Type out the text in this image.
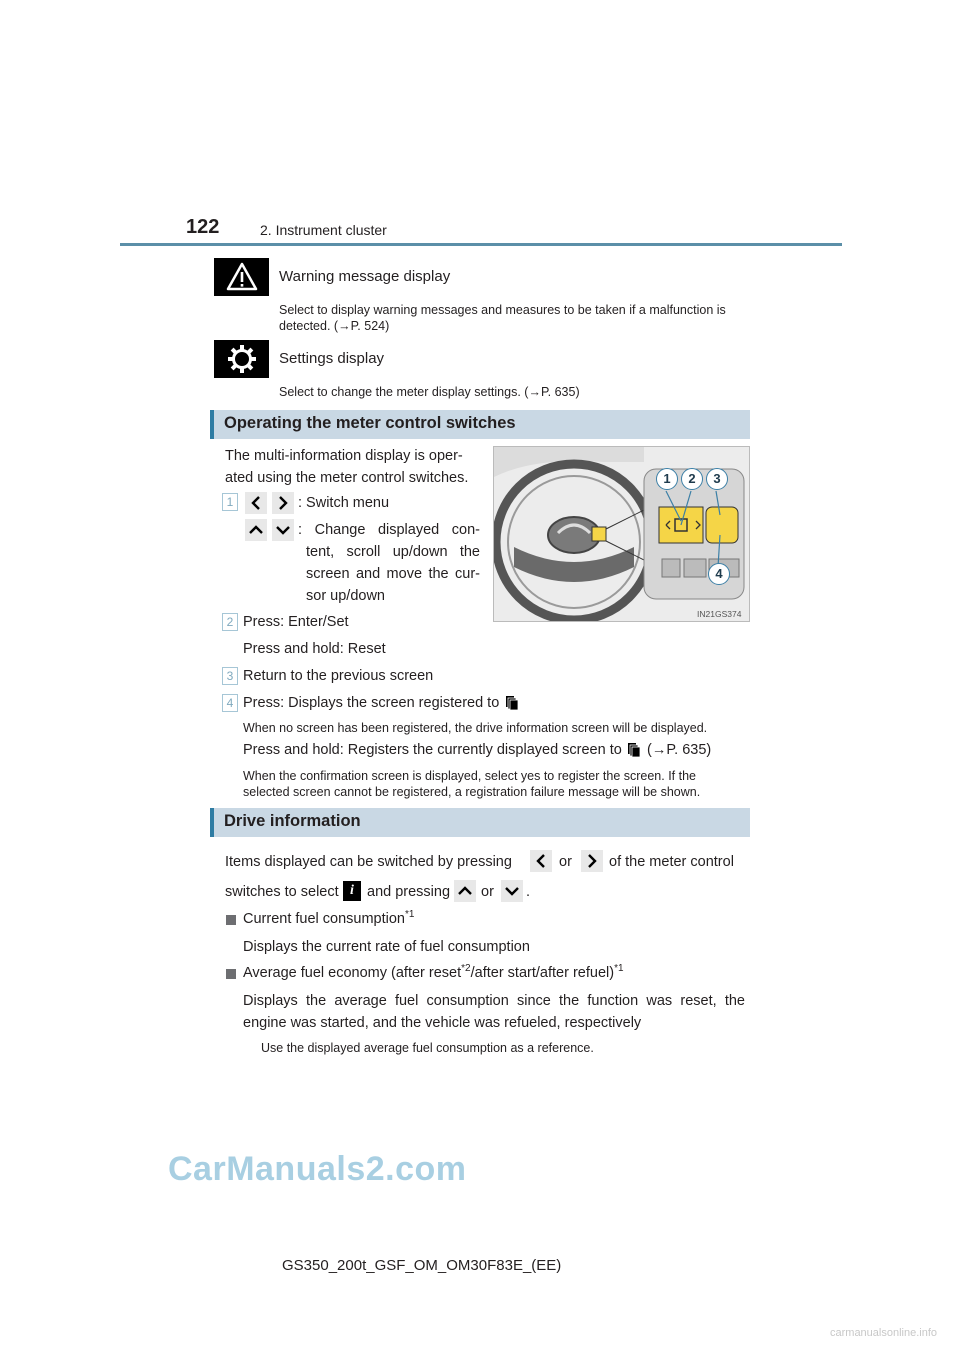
122	2. Instrument cluster
Warning message display
Select to display warning messages and measures to be taken if a malfunction is detected. (→P. 524)
Settings display
Select to change the meter display settings. (→P. 635)
Operating the meter control switches
The multi-information display is oper-
ated using the meter control switches.
1	: Switch menu
: Change displayed con-
tent, scroll up/down the
screen and move the cur-
sor up/down
2 Press: Enter/Set
Press and hold: Reset
3 Return to the previous screen
4 Press: Displays the screen registered to
When no screen has been registered, the drive information screen will be displayed.
Press and hold: Registers the currently displayed screen to (→P. 635)
When the confirmation screen is displayed, select yes to register the screen. If the
selected screen cannot be registered, a registration failure message will be shown.
1	2	3
4
IN21GS374
Drive information
Items displayed can be switched by pressing	or	of the meter control
switches to select i and pressing or .
Current fuel consumption$^{*1}$
Displays the current rate of fuel consumption
Average fuel economy (after reset$^{*2}$/after start/after refuel)$^{*1}$
Displays the average fuel consumption since the function was reset, the
engine was started, and the vehicle was refueled, respectively
Use the displayed average fuel consumption as a reference.
CarManuals2.com
GS350_200t_GSF_OM_OM30F83E_(EE)
carmanualsonline.info
